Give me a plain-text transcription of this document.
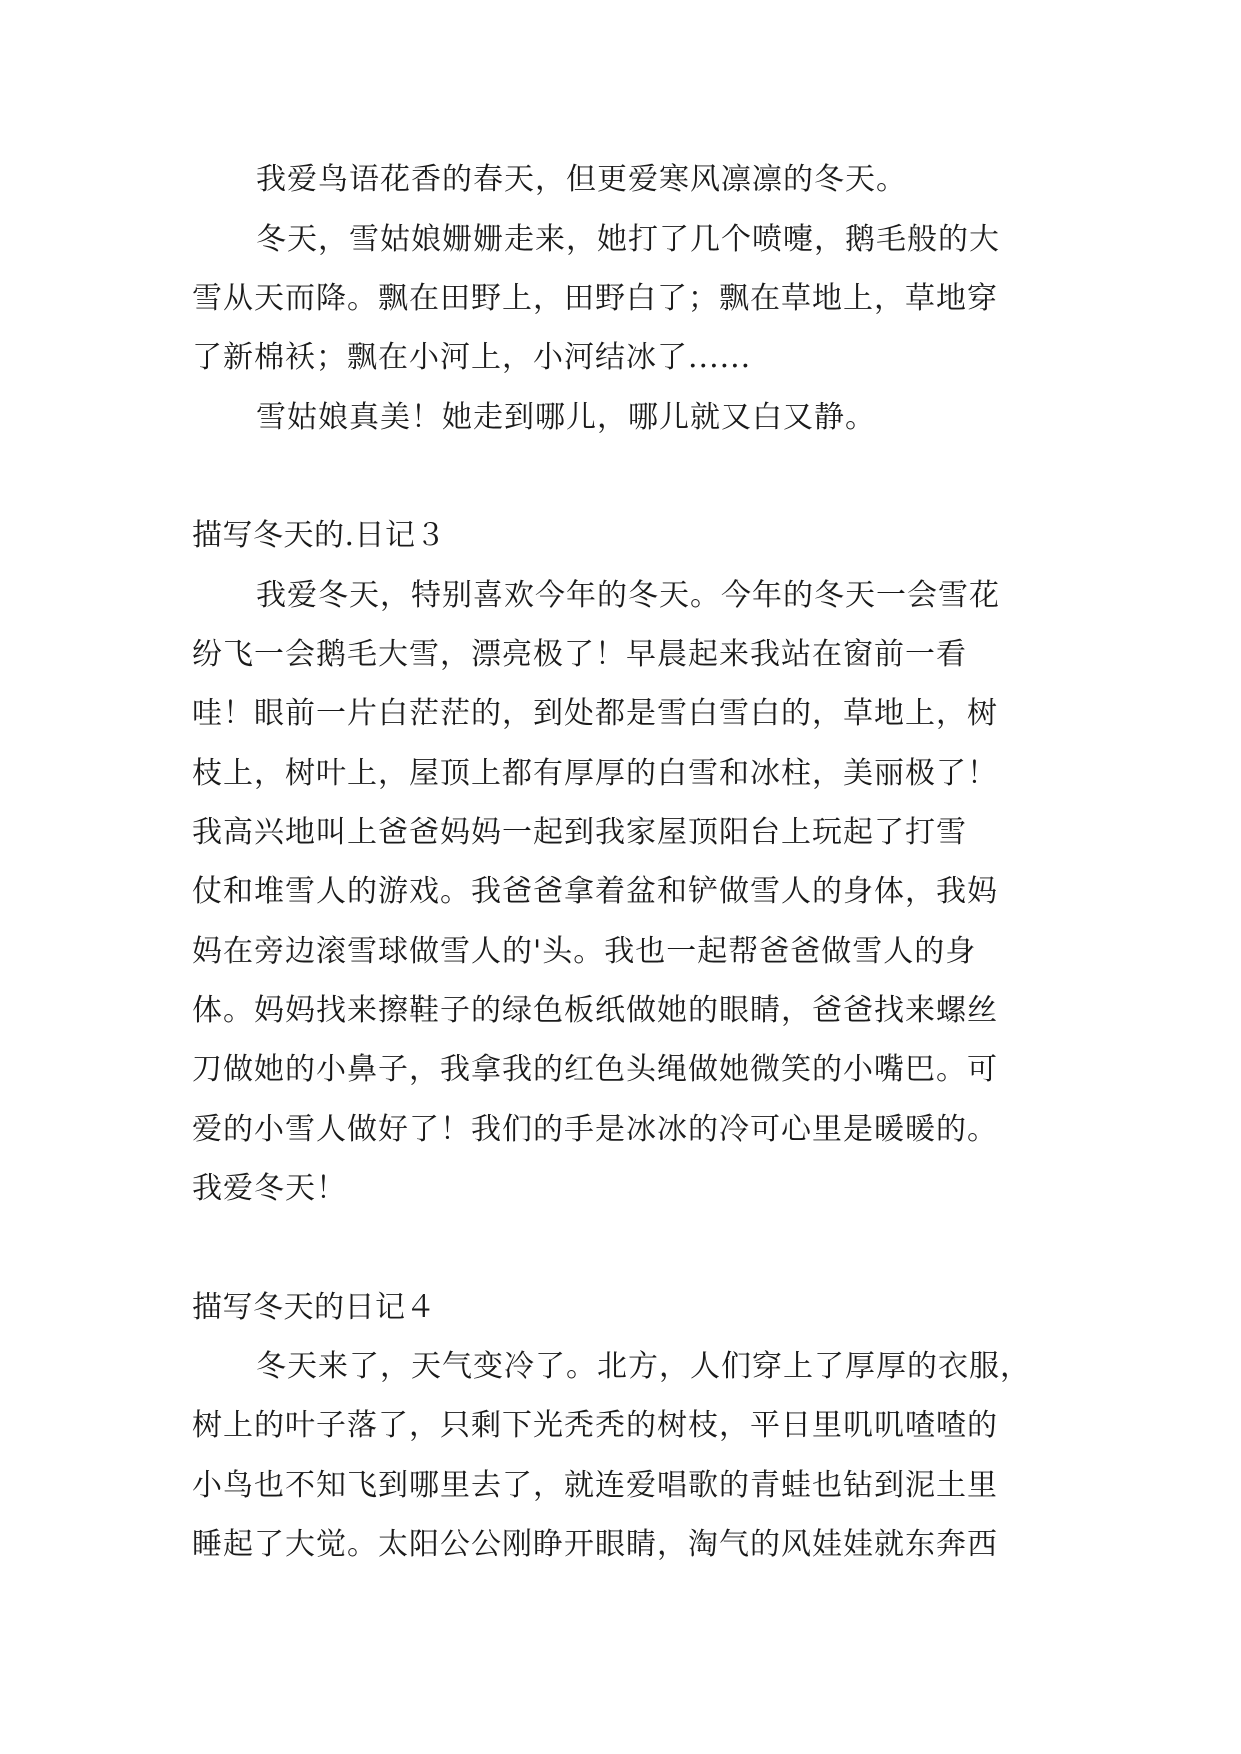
我爱鸟语花香的春天，但更爱寒风凛凛的冬天。
冬天，雪姑娘姗姗走来，她打了几个喷嚏，鹅毛般的大
雪从天而降。飘在田野上，田野白了；飘在草地上，草地穿
了新棉袄；飘在小河上，小河结冰了......
雪姑娘真美！她走到哪儿，哪儿就又白又静。
描写冬天的.日记３
我爱冬天，特别喜欢今年的冬天。今年的冬天一会雪花
纷飞一会鹅毛大雪，漂亮极了！早晨起来我站在窗前一看
哇！眼前一片白茫茫的，到处都是雪白雪白的，草地上，树
枝上，树叶上，屋顶上都有厚厚的白雪和冰柱，美丽极了！
我高兴地叫上爸爸妈妈一起到我家屋顶阳台上玩起了打雪
仗和堆雪人的游戏。我爸爸拿着盆和铲做雪人的身体，我妈
妈在旁边滚雪球做雪人的'头。我也一起帮爸爸做雪人的身
体。妈妈找来擦鞋子的绿色板纸做她的眼睛，爸爸找来螺丝
刀做她的小鼻子，我拿我的红色头绳做她微笑的小嘴巴。可
爱的小雪人做好了！我们的手是冰冰的冷可心里是暖暖的。
我爱冬天！
描写冬天的日记４
冬天来了，天气变冷了。北方，人们穿上了厚厚的衣服，
树上的叶子落了，只剩下光秃秃的树枝，平日里叽叽喳喳的
小鸟也不知飞到哪里去了，就连爱唱歌的青蛙也钻到泥土里
睡起了大觉。太阳公公刚睁开眼睛，淘气的风娃娃就东奔西
